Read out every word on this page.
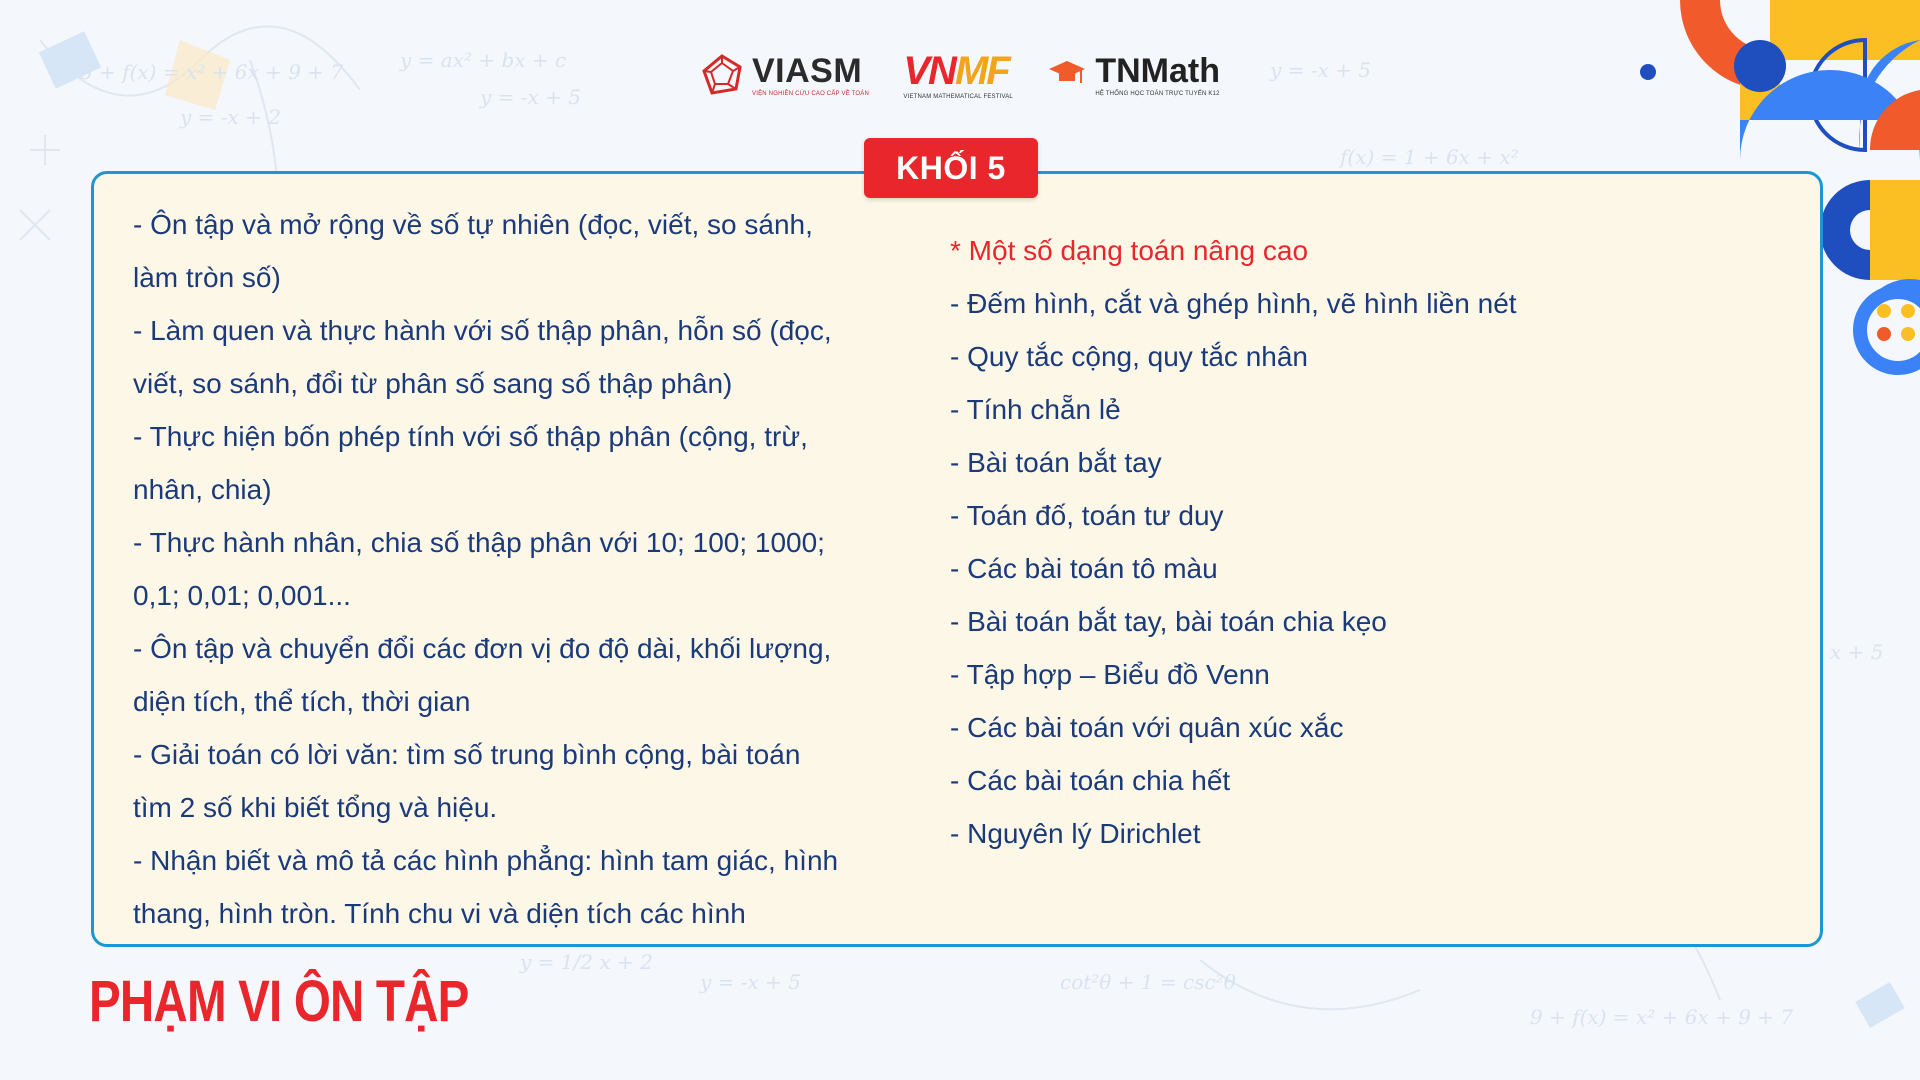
5 + f(x) = x² + 6x + 9 + 7
y = -x + 5
y = -x + 2
y = ax² + bx + c	y = -x + 5
f(x) = 1 + 6x + x²
cot²θ + 1 = csc²θ
9 + f(x) = x² + 6x + 9 + 7
y = 1/2 x + 2
x + 5
y = -x + 5
VIASM
VIỆN NGHIÊN CỨU CAO CẤP VỀ TOÁN
VNMF
VIETNAM MATHEMATICAL FESTIVAL
TNMath
HỆ THỐNG HỌC TOÁN TRỰC TUYẾN K12
KHỐI 5

- Ôn tập và mở rộng về số tự nhiên (đọc, viết, so sánh,

làm tròn số)

- Làm quen và thực hành với số thập phân, hỗn số (đọc,

viết, so sánh, đổi từ phân số sang số thập phân)

- Thực hiện bốn phép tính với số thập phân (cộng, trừ,

nhân, chia)

- Thực hành nhân, chia số thập phân với 10; 100; 1000;

0,1; 0,01; 0,001...

- Ôn tập và chuyển đổi các đơn vị đo độ dài, khối lượng,

diện tích, thể tích, thời gian

- Giải toán có lời văn: tìm số trung bình cộng, bài toán

tìm 2 số khi biết tổng và hiệu.

- Nhận biết và mô tả các hình phẳng: hình tam giác, hình

thang, hình tròn. Tính chu vi và diện tích các hình

* Một số dạng toán nâng cao

- Đếm hình, cắt và ghép hình, vẽ hình liền nét

- Quy tắc cộng, quy tắc nhân

- Tính chẵn lẻ

- Bài toán bắt tay

- Toán đố, toán tư duy

- Các bài toán tô màu

- Bài toán bắt tay, bài toán chia kẹo

- Tập hợp – Biểu đồ Venn

- Các bài toán với quân xúc xắc

- Các bài toán chia hết

- Nguyên lý Dirichlet

PHẠM VI ÔN TẬP
